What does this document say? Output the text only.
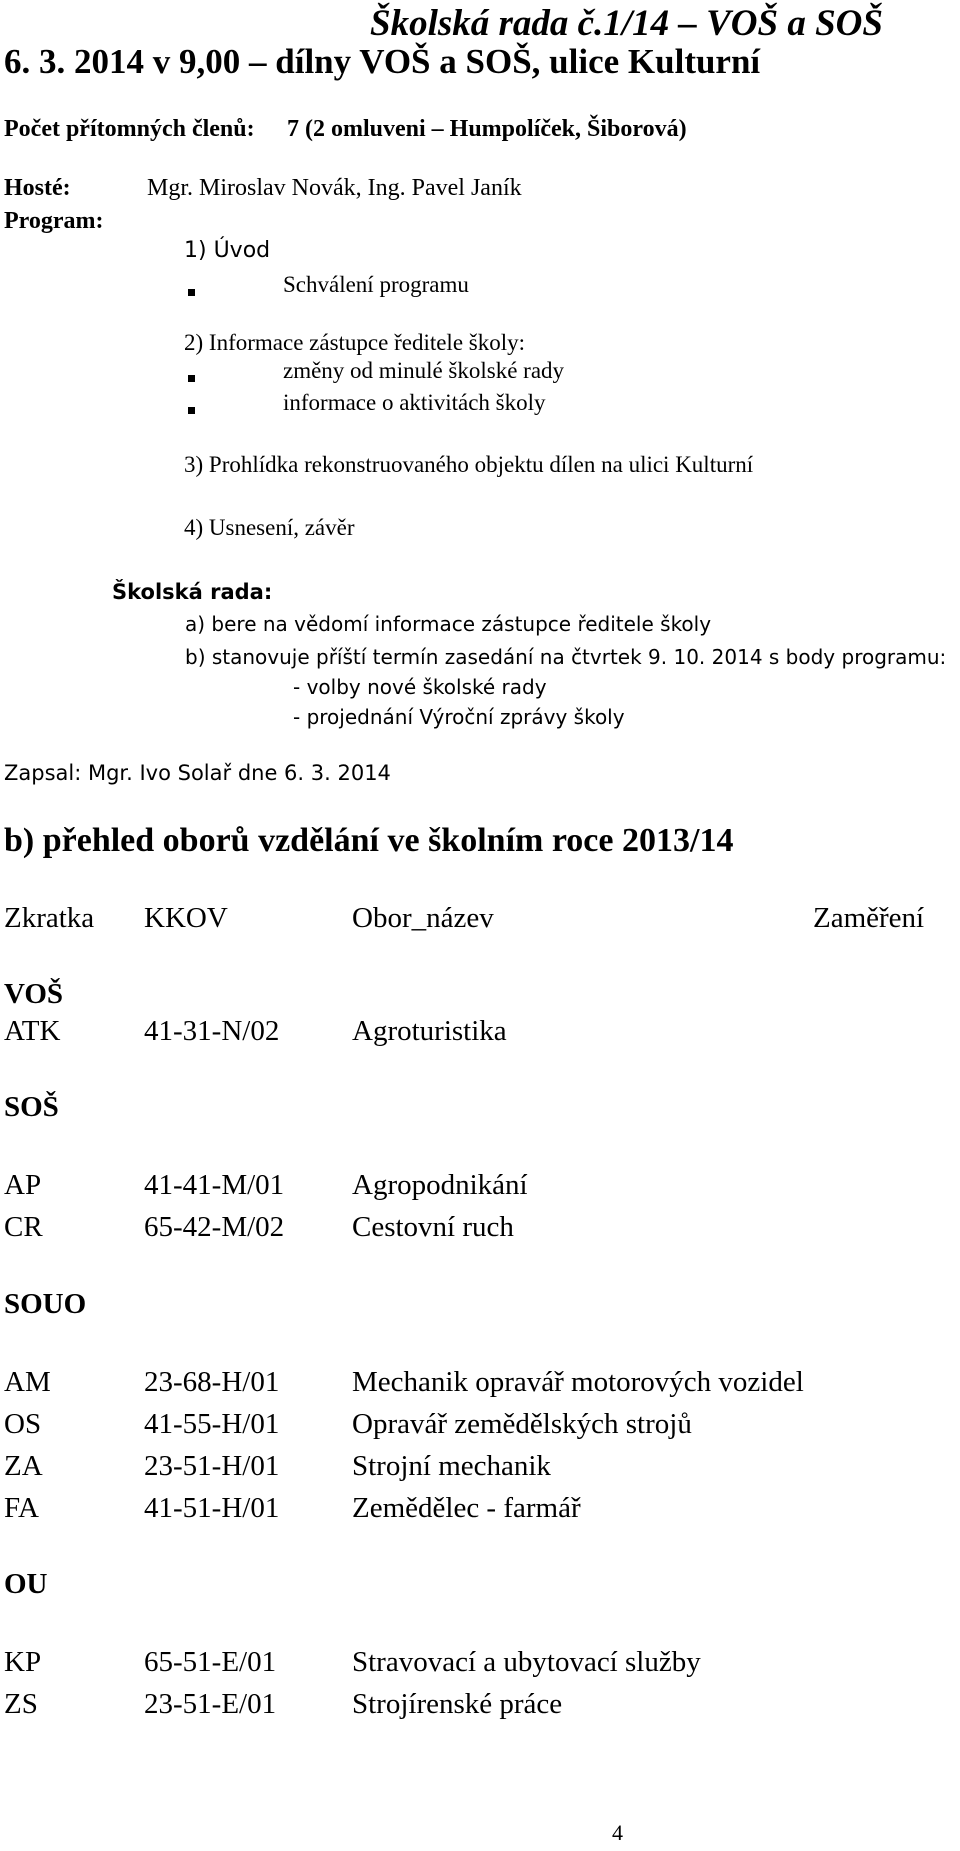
Školská rada č.1/14 – VOŠ a SOŠ
6. 3. 2014 v 9,00 – dílny VOŠ a SOŠ, ulice Kulturní
Počet přítomných členů: 7 (2 omluveni – Humpolíček, Šiborová)
Hosté:	Mgr. Miroslav Novák, Ing. Pavel Janík
Program:
1) Úvod
Schválení programu
2) Informace zástupce ředitele školy:
změny od minulé školské rady
informace o aktivitách školy
3) Prohlídka rekonstruovaného objektu dílen na ulici Kulturní
4) Usnesení, závěr
Školská rada:
a) bere na vědomí informace zástupce ředitele školy
b) stanovuje příští termín zasedání na čtvrtek 9. 10. 2014 s body programu:
- volby nové školské rady
- projednání Výroční zprávy školy
Zapsal: Mgr. Ivo Solař dne 6. 3. 2014
b) přehled oborů vzdělání ve školním roce 2013/14
Zkratka KKOV	Obor_název	Zaměření
VOŠ
ATK	41-31-N/02	Agroturistika
SOŠ
AP	41-41-M/01 Agropodnikání
CR	65-42-M/02 Cestovní ruch
SOUO
AM	23-68-H/01	Mechanik opravář motorových vozidel
OS	41-55-H/01	Opravář zemědělských strojů
ZA	23-51-H/01	Strojní mechanik
FA	41-51-H/01	Zemědělec - farmář
OU
KP	65-51-E/01	Stravovací a ubytovací služby
ZS	23-51-E/01	Strojírenské práce
4
